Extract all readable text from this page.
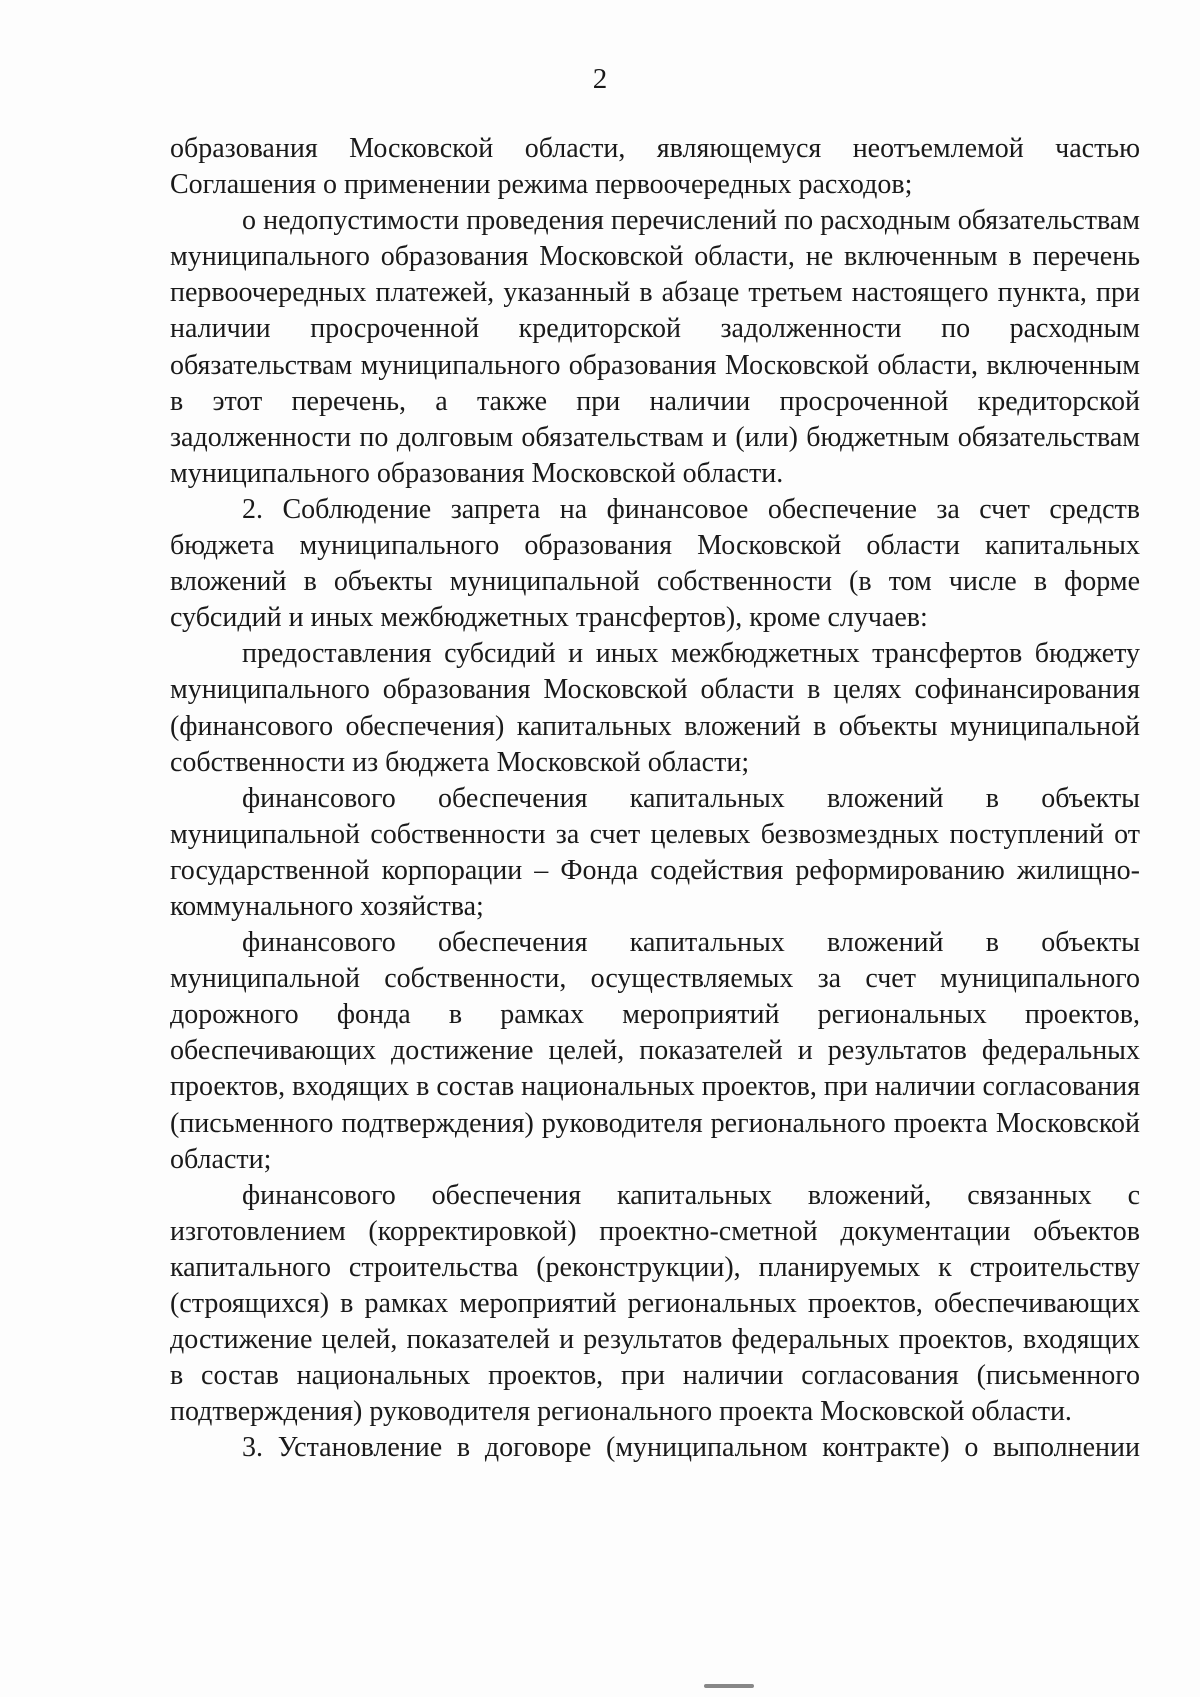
2

образования Московской области, являющемуся неотъемлемой частью Соглашения о применении режима первоочередных расходов;

о недопустимости проведения перечислений по расходным обязательствам муниципального образования Московской области, не включенным в перечень первоочередных платежей, указанный в абзаце третьем настоящего пункта, при наличии просроченной кредиторской задолженности по расходным обязательствам муниципального образования Московской области, включенным в этот перечень, а также при наличии просроченной кредиторской задолженности по долговым обязательствам и (или) бюджетным обязательствам муниципального образования Московской области.

2. Соблюдение запрета на финансовое обеспечение за счет средств бюджета муниципального образования Московской области капитальных вложений в объекты муниципальной собственности (в том числе в форме субсидий и иных межбюджетных трансфертов), кроме случаев:

предоставления субсидий и иных межбюджетных трансфертов бюджету муниципального образования Московской области в целях софинансирования (финансового обеспечения) капитальных вложений в объекты муниципальной собственности из бюджета Московской области;

финансового обеспечения капитальных вложений в объекты муниципальной собственности за счет целевых безвозмездных поступлений от государственной корпорации – Фонда содействия реформированию жилищно-коммунального хозяйства;

финансового обеспечения капитальных вложений в объекты муниципальной собственности, осуществляемых за счет муниципального дорожного фонда в рамках мероприятий региональных проектов, обеспечивающих достижение целей, показателей и результатов федеральных проектов, входящих в состав национальных проектов, при наличии согласования (письменного подтверждения) руководителя регионального проекта Московской области;

финансового обеспечения капитальных вложений, связанных с изготовлением (корректировкой) проектно-сметной документации объектов капитального строительства (реконструкции), планируемых к строительству (строящихся) в рамках мероприятий региональных проектов, обеспечивающих достижение целей, показателей и результатов федеральных проектов, входящих в состав национальных проектов, при наличии согласования (письменного подтверждения) руководителя регионального проекта Московской области.

3. Установление в договоре (муниципальном контракте) о выполнении
